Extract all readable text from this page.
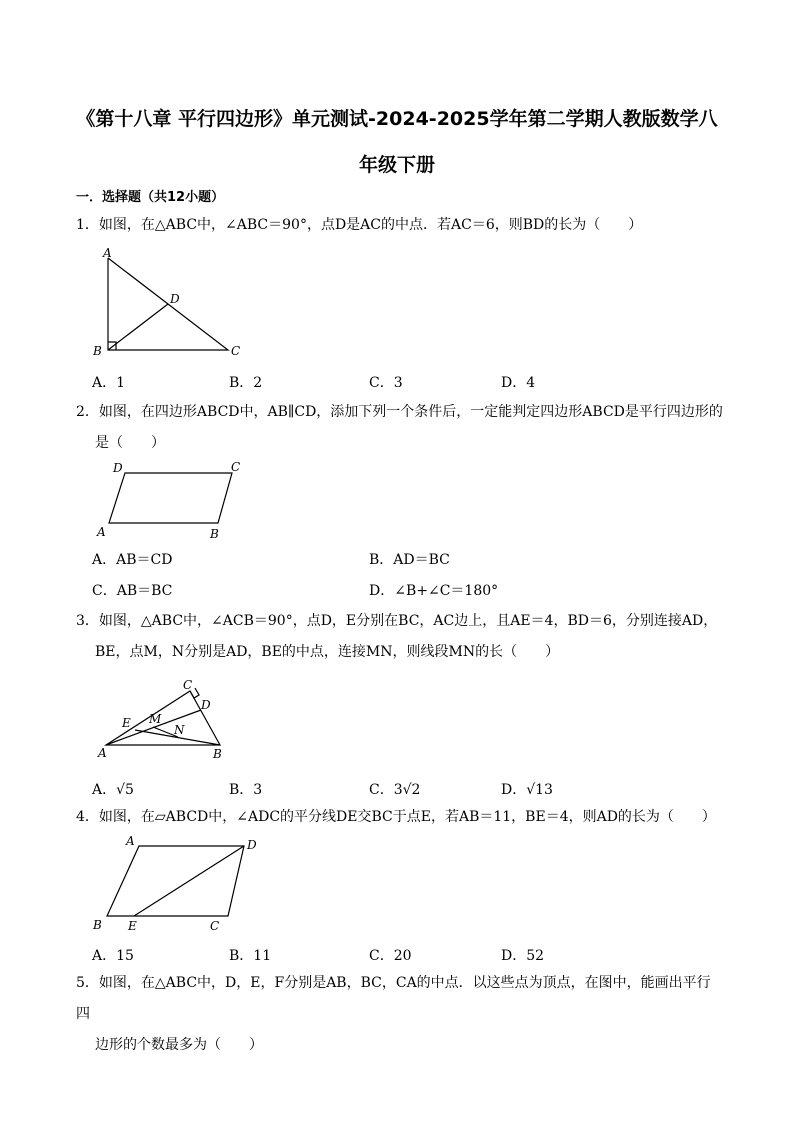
《第十八章 平行四边形》单元测试-2024-2025学年第二学期人教版数学八
年级下册
一．选择题（共12小题）
1．如图，在△ABC中，∠ABC＝90°，点D是AC的中点．若AC＝6，则BD的长为（　　）
A
B	C
D
A．1	B．2	C．3	D．4
2．如图，在四边形ABCD中，AB∥CD，添加下列一个条件后，一定能判定四边形ABCD是平行四边形的
是（　　）
A	B
C
D
A．AB＝CD	B．AD＝BC
C．AB＝BC	D．∠B+∠C＝180°
3．如图，△ABC中，∠ACB＝90°，点D，E分别在BC，AC边上，且AE＝4，BD＝6，分别连接AD，
BE，点M，N分别是AD，BE的中点，连接MN，则线段MN的长（　　）
A	B
C
D
E M
N
A．√5	B．3	C．3√2	D．√13
4．如图，在▱ABCD中，∠ADC的平分线DE交BC于点E，若AB＝11，BE＝4，则AD的长为（　　）
A
B	C
D
E
A．15	B．11	C．20	D．52
5．如图，在△ABC中，D，E，F分别是AB，BC，CA的中点．以这些点为顶点，在图中，能画出平行四
边形的个数最多为（　　）
